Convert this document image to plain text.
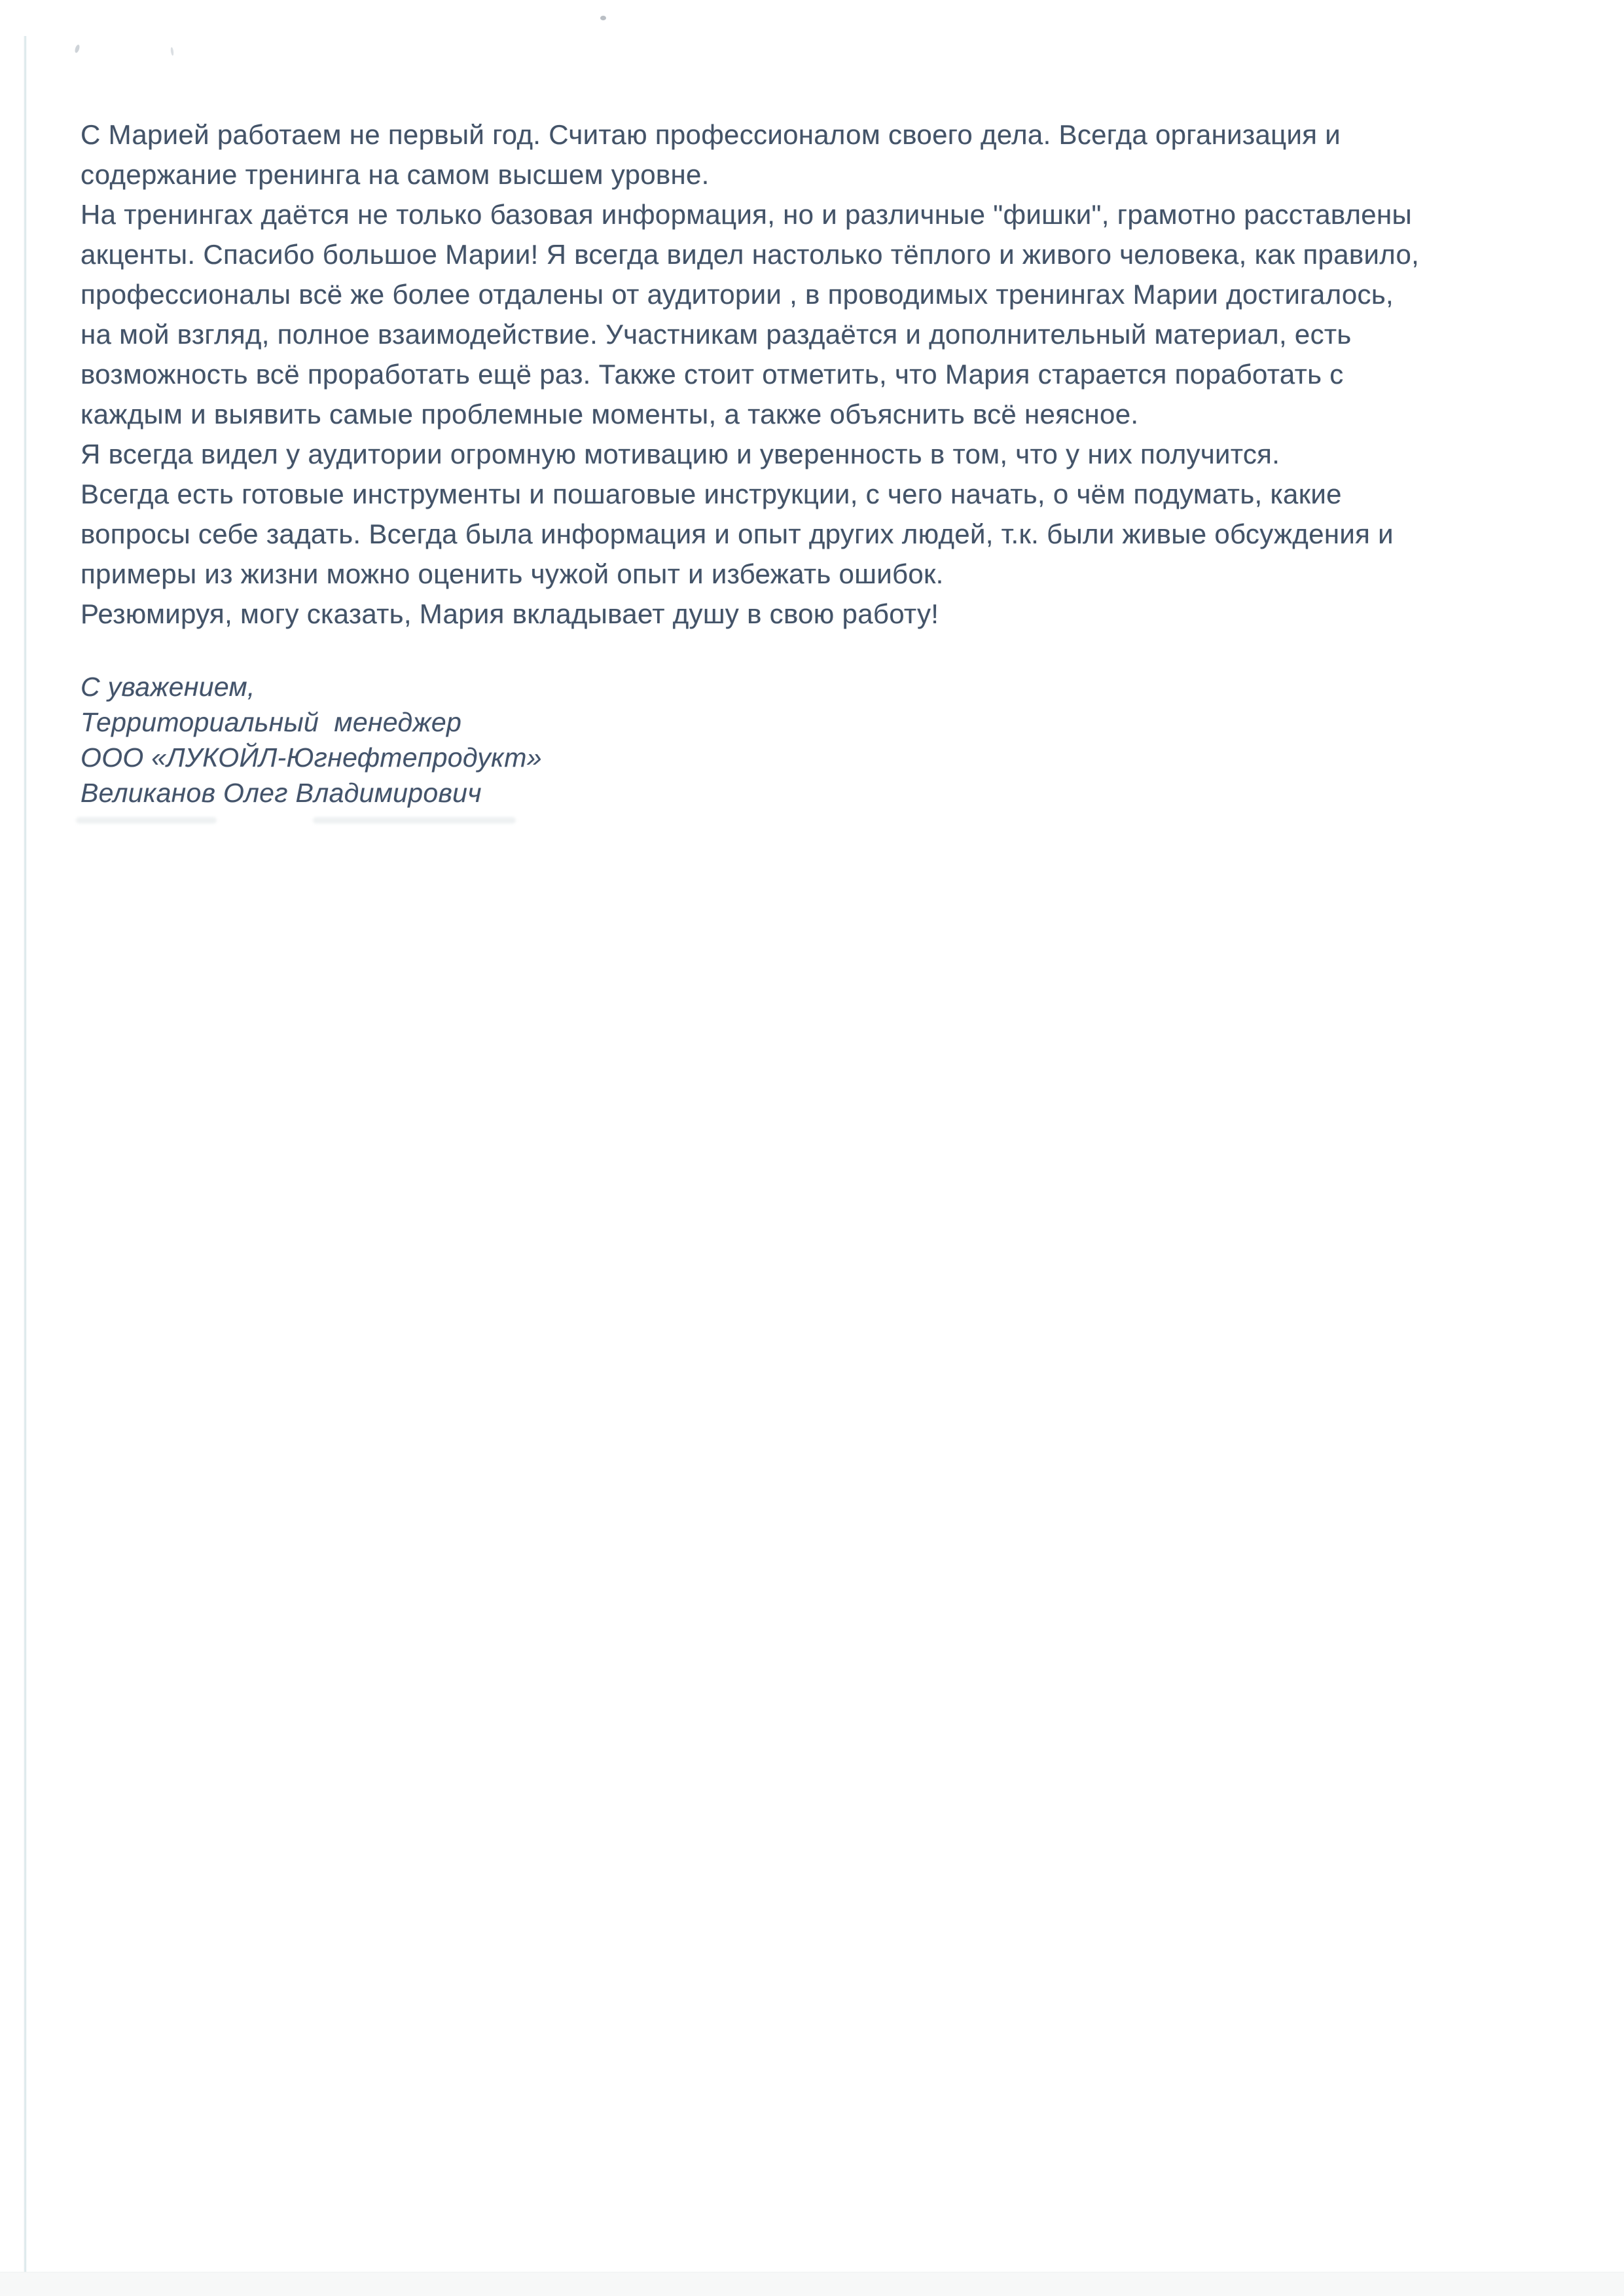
С Марией работаем не первый год. Считаю профессионалом своего дела. Всегда организация и
содержание тренинга на самом высшем уровне.
На тренингах даётся не только базовая информация, но и различные "фишки", грамотно расставлены
акценты. Спасибо большое Марии! Я всегда видел настолько тёплого и живого человека, как правило,
профессионалы всё же более отдалены от аудитории , в проводимых тренингах Марии достигалось,
на мой взгляд, полное взаимодействие. Участникам раздаётся и дополнительный материал, есть
возможность всё проработать ещё раз. Также стоит отметить, что Мария старается поработать с
каждым и выявить самые проблемные моменты, а также объяснить всё неясное.
Я всегда видел у аудитории огромную мотивацию и уверенность в том, что у них получится.
Всегда есть готовые инструменты и пошаговые инструкции, с чего начать, о чём подумать, какие
вопросы себе задать. Всегда была информация и опыт других людей, т.к. были живые обсуждения и
примеры из жизни можно оценить чужой опыт и избежать ошибок.
Резюмируя, могу сказать, Мария вкладывает душу в свою работу!
С уважением,
Территориальный  менеджер
ООО «ЛУКОЙЛ-Югнефтепродукт»
Великанов Олег Владимирович
